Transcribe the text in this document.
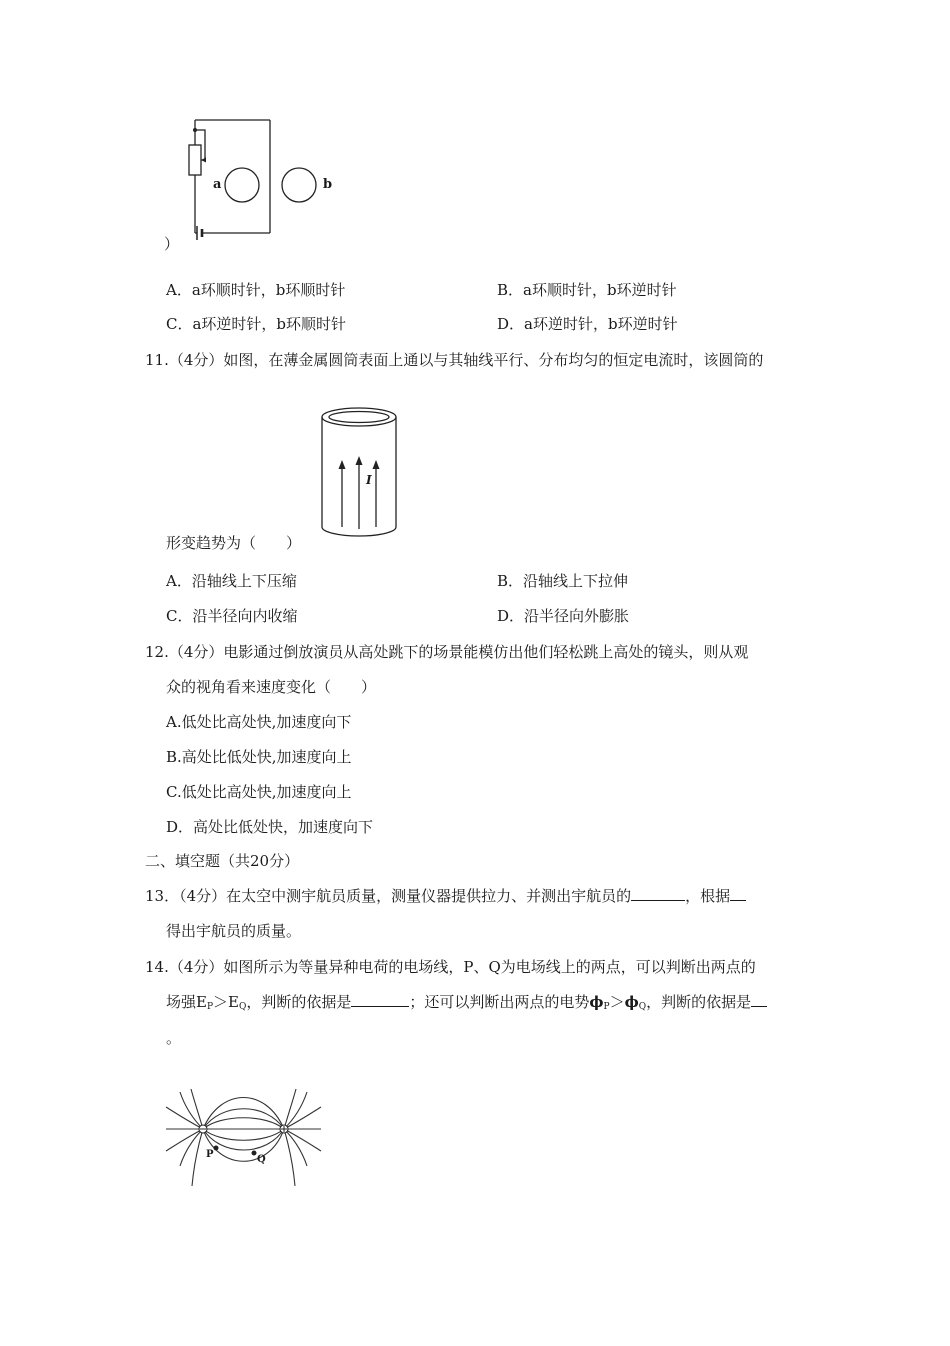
a	b
）
A．a环顺时针，b环顺时针	B．a环顺时针，b环逆时针
C．a环逆时针，b环顺时针	D．a环逆时针，b环逆时针
11.（4分）如图，在薄金属圆筒表面上通以与其轴线平行、分布均匀的恒定电流时，该圆筒的
I
形变趋势为（　　）
A．沿轴线上下压缩	B．沿轴线上下拉伸
C．沿半径向内收缩	D．沿半径向外膨胀
12.（4分）电影通过倒放演员从高处跳下的场景能模仿出他们轻松跳上高处的镜头，则从观
众的视角看来速度变化（　　）
A.低处比高处快,加速度向下
B.高处比低处快,加速度向上
C.低处比高处快,加速度向上
D．高处比低处快，加速度向下
二、填空题（共20分）
13．（4分）在太空中测宇航员质量，测量仪器提供拉力、并测出宇航员的	，根据
得出宇航员的质量。
14.（4分）如图所示为等量异种电荷的电场线，P、Q为电场线上的两点，可以判断出两点的
场强$E_P>E_Q$，判断的依据是	；还可以判断出两点的电势$\phi_P>\phi_Q$，判断的依据是
。
P	Q
